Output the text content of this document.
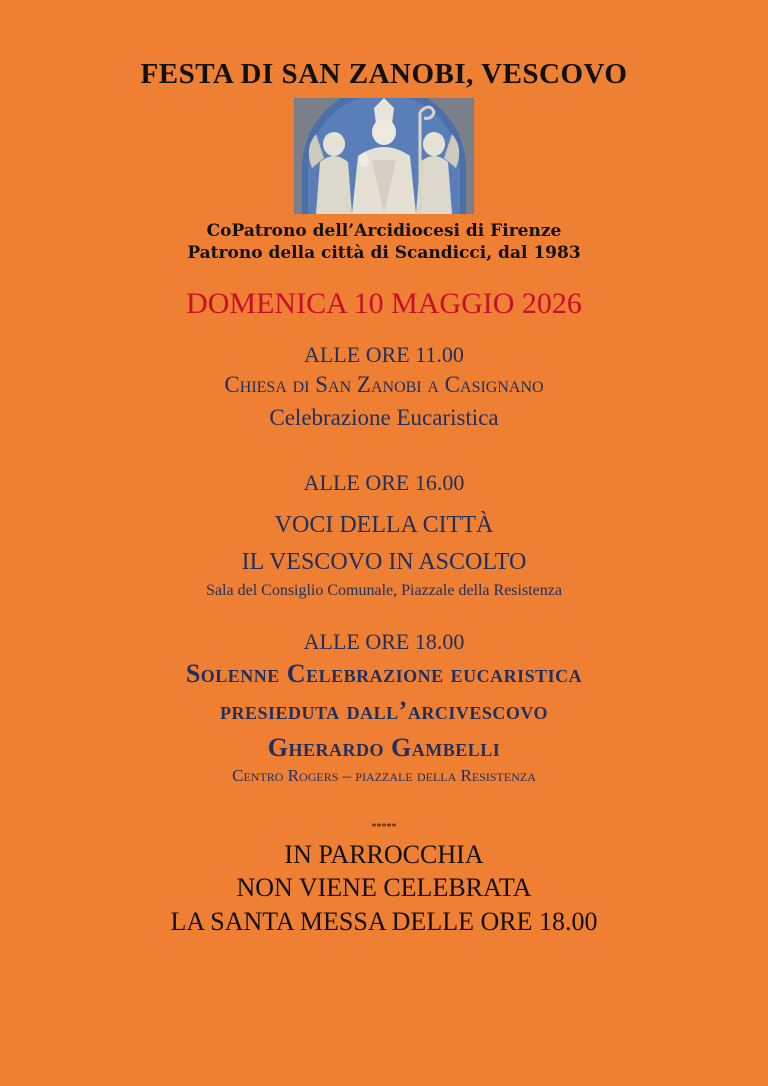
FESTA DI SAN ZANOBI, VESCOVO
CoPatrono dell’Arcidiocesi di Firenze
Patrono della città di Scandicci, dal 1983
DOMENICA 10 MAGGIO 2026
ALLE ORE 11.00
Chiesa di San Zanobi a Casignano
Celebrazione Eucaristica
ALLE ORE 16.00
VOCI DELLA CITTÀ
IL VESCOVO IN ASCOLTO
Sala del Consiglio Comunale, Piazzale della Resistenza
ALLE ORE 18.00
Solenne Celebrazione eucaristica
presieduta dall’arcivescovo
Gherardo Gambelli
Centro Rogers – piazzale della Resistenza
*****
IN PARROCCHIA
NON VIENE CELEBRATA
LA SANTA MESSA DELLE ORE 18.00
